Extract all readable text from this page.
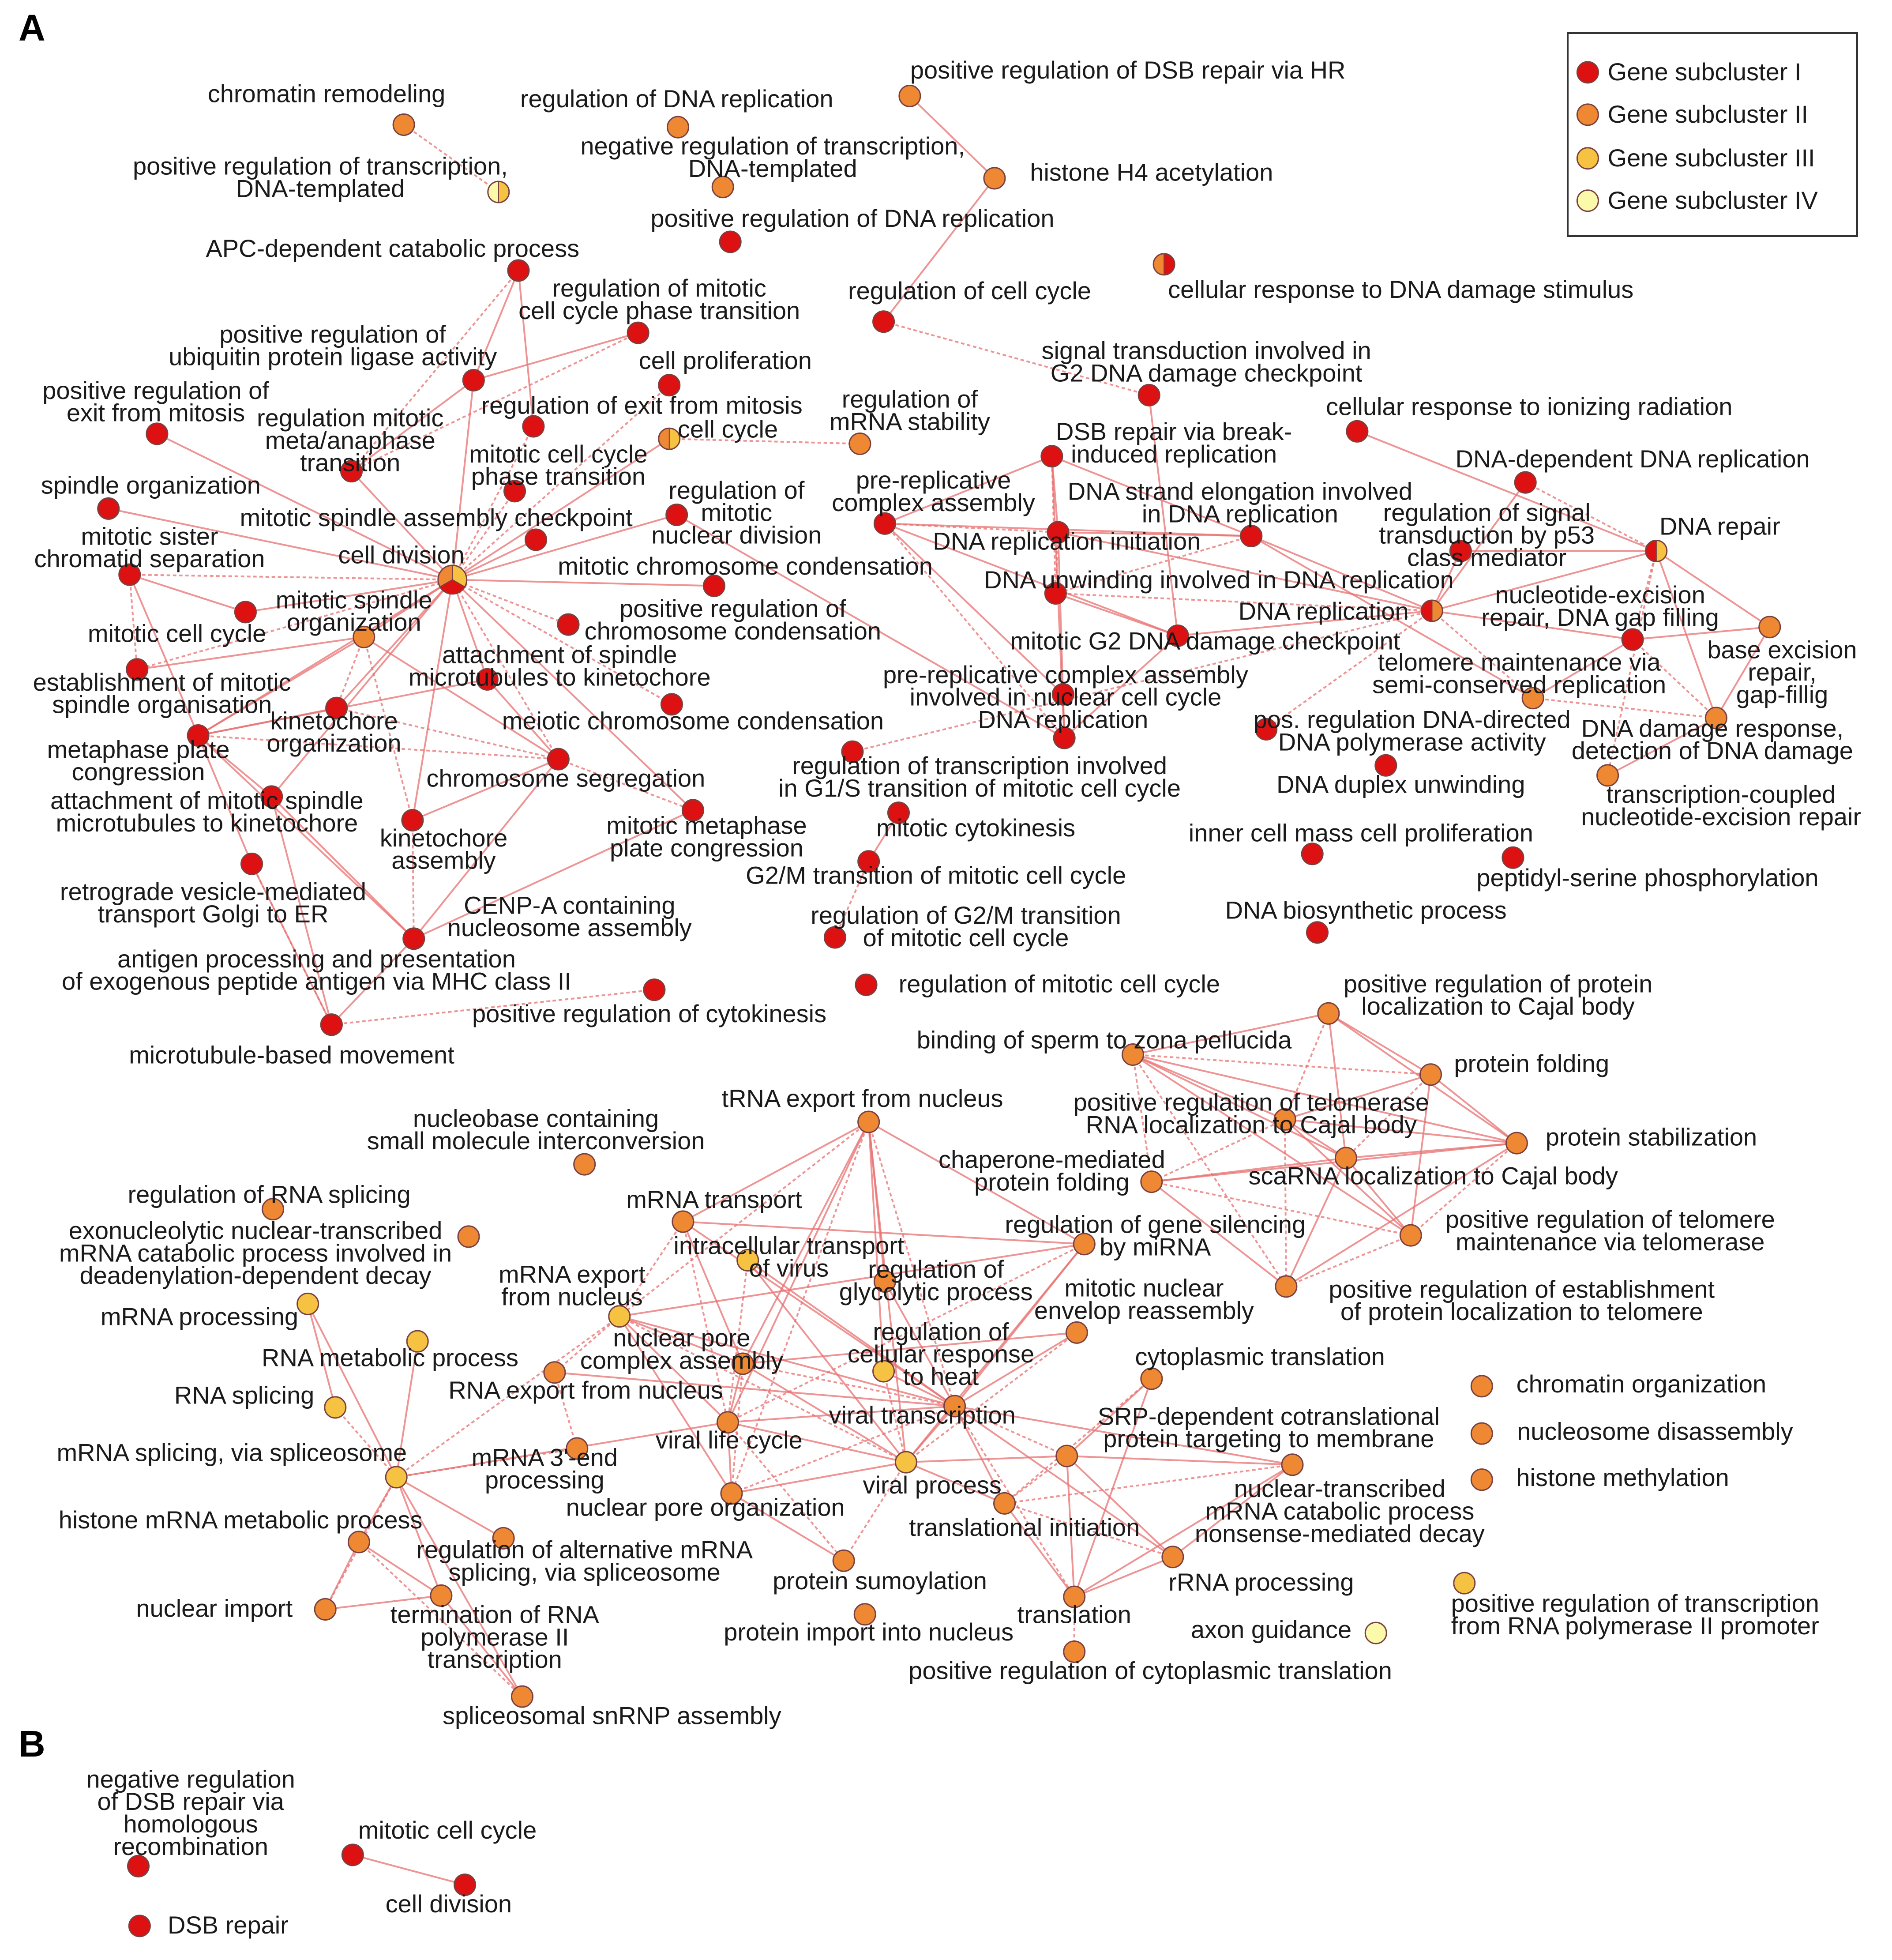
chromatin remodeling	regulation of DNA replication
positive regulation of DSB repair via HR
positive regulation of transcription, DNA-templated
negative regulation of transcription, DNA-templated	histone H4 acetylation
positive regulation of DNA replication
APC-dependent catabolic process
regulation of mitotic cell cycle phase transition
regulation of cell cycle	cellular response to DNA damage stimulus
positive regulation of ubiquitin protein ligase activity	cell proliferation	signal transduction involved in G2 DNA damage checkpoint
positive regulation of exit from mitosis regulation mitotic meta/anaphase transition
regulation of exit from mitosis
cell cycle
regulation of mRNA stability
cellular response to ionizing radiation
DSB repair via break-induced replication
spindle organization
mitotic cell cycle phase transition
DNA-dependent DNA replication
regulation of mitotic nuclear division
pre-replicative complex assembly DNA strand elongation involved in DNA replication
mitotic spindle assembly checkpoint	regulation of signal transduction by p53 class mediator
DNA repair
mitotic sister chromatid separation	cell division	DNA replication initiation
mitotic chromosome condensation DNA unwinding involved in DNA replication
nucleotide-excision repair, DNA gap filling
mitotic spindle organization	positive regulation of chromosome condensation
DNA replication
mitotic cell cycle	mitotic G2 DNA damage checkpoint	base excision repair, gap-fillig
attachment of spindle microtubules to kinetochore
telomere maintenance via semi-conserved replication
establishment of mitotic spindle organisation
pre-replicative complex assembly involved in nuclear cell cycle
kinetochore organization
meiotic chromosome condensation	DNA replication	pos. regulation DNA-directed DNA polymerase activity	DNA damage response, detection of DNA damage
metaphase plate congression	chromosome segregation	regulation of transcription involved in G1/S transition of mitotic cell cycle	DNA duplex unwinding	transcription-coupled nucleotide-excision repair
attachment of mitotic spindle microtubules to kinetochore
kinetochore assembly
mitotic metaphase plate congression
mitotic cytokinesis	inner cell mass cell proliferation
G2/M transition of mitotic cell cycle	peptidyl-serine phosphorylation
retrograde vesicle-mediated transport Golgi to ER	CENP-A containing nucleosome assembly	regulation of G2/M transition of mitotic cell cycle
DNA biosynthetic process
antigen processing and presentation of exogenous peptide antigen via MHC class II	regulation of mitotic cell cycle	positive regulation of protein localization to Cajal body
positive regulation of cytokinesis
microtubule-based movement
binding of sperm to zona pellucida
protein folding
positive regulation of telomerase RNA localization to Cajal body
tRNA export from nucleus
nucleobase containing small molecule interconversion	protein stabilization
chaperone-mediated protein folding	scaRNA localization to Cajal body
regulation of RNA splicing	mRNA transport
regulation of gene silencing by miRNA
positive regulation of telomere maintenance via telomerase
exonucleolytic nuclear-transcribed mRNA catabolic process involved in deadenylation-dependent decay
intracellular transport of virus	regulation of glycolytic process	mitotic nuclear envelop reassembly
positive regulation of establishment of protein localization to telomere
mRNA export from nucleus
mRNA processing
nuclear pore complex assembly
regulation of cellular response to heat
RNA metabolic process	cytoplasmic translation
chromatin organization
RNA export from nucleus
RNA splicing
viral transcription	SRP-dependent cotranslational protein targeting to membrane	nucleosome disassembly
viral life cycle
histone methylation
mRNA splicing, via spliceosome	mRNA 3'-end processing	viral process	nuclear-transcribed mRNA catabolic process nonsense-mediated decay
nuclear pore organization
histone mRNA metabolic process	translational initiation
regulation of alternative mRNA splicing, via spliceosome	protein sumoylation	rRNA processing
nuclear import	termination of RNA polymerase II transcription
positive regulation of transcription from RNA polymerase II promoter
translation
axon guidance
protein import into nucleus
positive regulation of cytoplasmic translation
spliceosomal snRNP assembly
negative regulation of DSB repair via homologous recombination
mitotic cell cycle
cell division
DSB repair
A
B
Gene subcluster I
Gene subcluster II
Gene subcluster III
Gene subcluster IV
